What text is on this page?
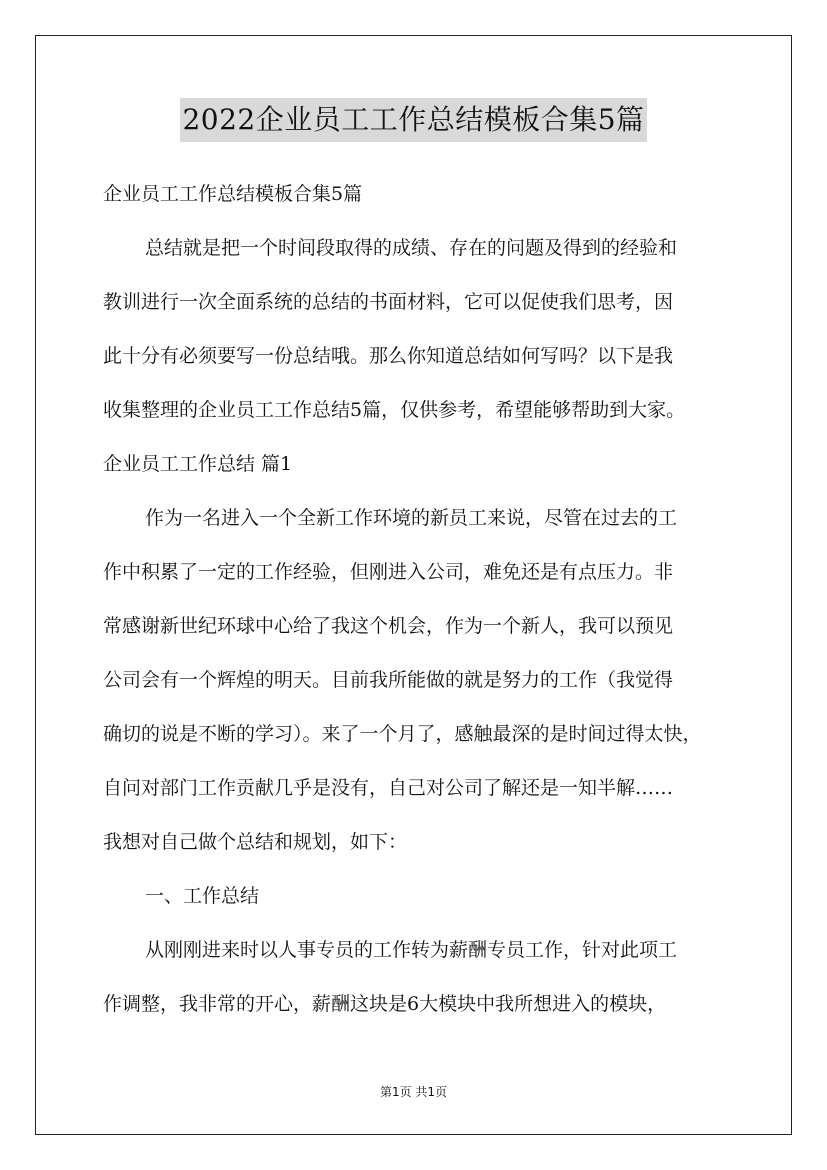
2022企业员工工作总结模板合集5篇

企业员工工作总结模板合集5篇

总结就是把一个时间段取得的成绩、存在的问题及得到的经验和

教训进行一次全面系统的总结的书面材料，它可以促使我们思考，因

此十分有必须要写一份总结哦。那么你知道总结如何写吗？以下是我

收集整理的企业员工工作总结5篇，仅供参考，希望能够帮助到大家。

企业员工工作总结 篇1

作为一名进入一个全新工作环境的新员工来说，尽管在过去的工

作中积累了一定的工作经验，但刚进入公司，难免还是有点压力。非

常感谢新世纪环球中心给了我这个机会，作为一个新人，我可以预见

公司会有一个辉煌的明天。目前我所能做的就是努力的工作（我觉得

确切的说是不断的学习）。来了一个月了，感触最深的是时间过得太快，

自问对部门工作贡献几乎是没有，自己对公司了解还是一知半解……

我想对自己做个总结和规划，如下：

一、工作总结

从刚刚进来时以人事专员的工作转为薪酬专员工作，针对此项工

作调整，我非常的开心，薪酬这块是6大模块中我所想进入的模块，

第1页 共1页
